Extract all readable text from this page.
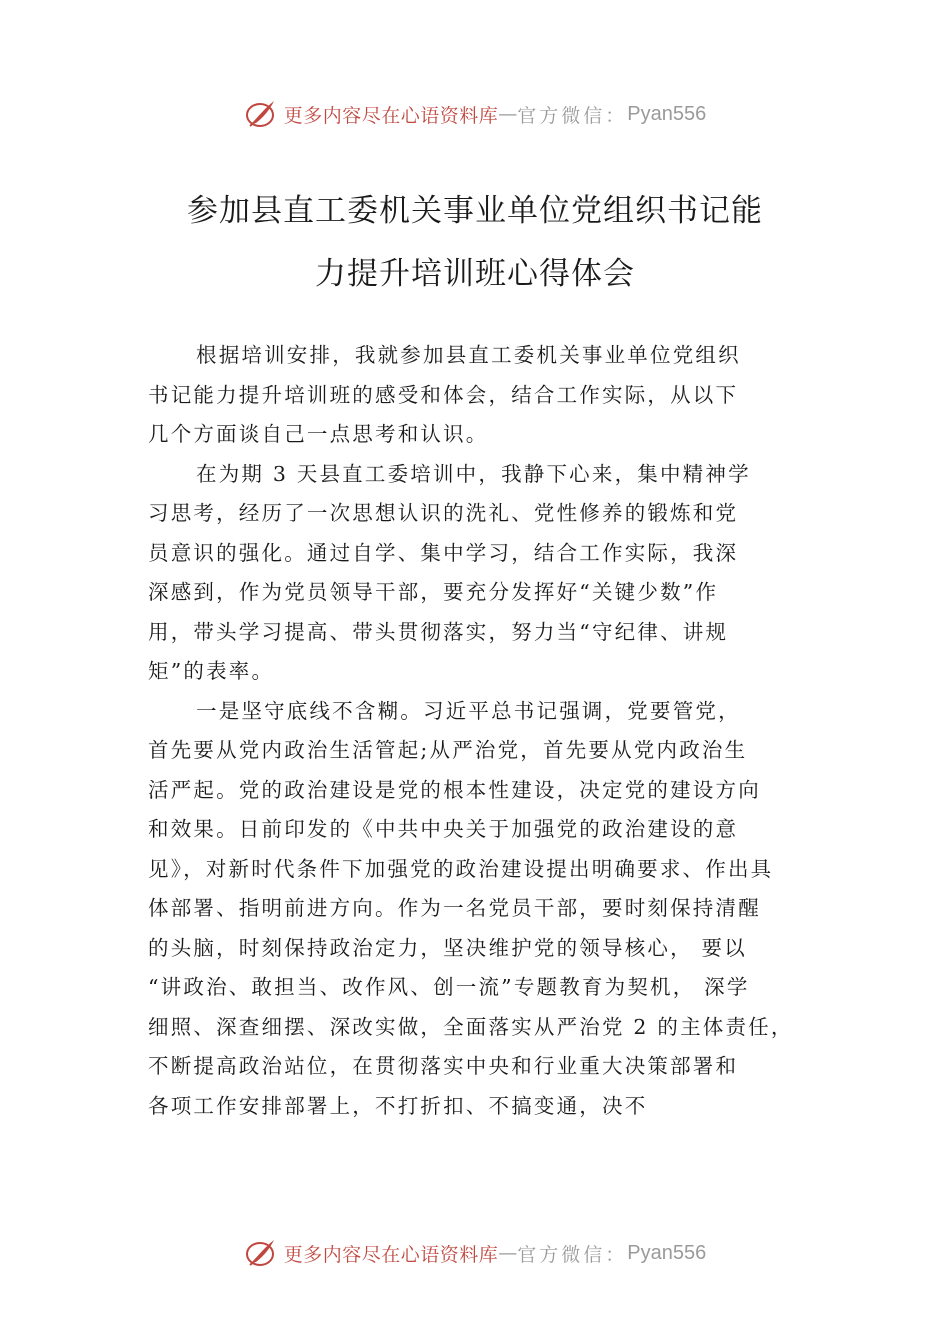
更多内容尽在心语资料库 — 官方微信： Pyan556
参加县直工委机关事业单位党组织书记能
力提升培训班心得体会
根据培训安排，我就参加县直工委机关事业单位党组织
书记能力提升培训班的感受和体会，结合工作实际，从以下
几个方面谈自己一点思考和认识。
在为期 3 天县直工委培训中，我静下心来，集中精神学
习思考，经历了一次思想认识的洗礼、党性修养的锻炼和党
员意识的强化。通过自学、集中学习，结合工作实际，我深
深感到，作为党员领导干部，要充分发挥好“关键少数”作
用，带头学习提高、带头贯彻落实，努力当“守纪律、讲规
矩”的表率。
一是坚守底线不含糊。习近平总书记强调，党要管党，
首先要从党内政治生活管起;从严治党，首先要从党内政治生
活严起。党的政治建设是党的根本性建设，决定党的建设方向
和效果。日前印发的《中共中央关于加强党的政治建设的意
见》，对新时代条件下加强党的政治建设提出明确要求、作出具
体部署、指明前进方向。作为一名党员干部，要时刻保持清醒
的头脑，时刻保持政治定力，坚决维护党的领导核心， 要以
“讲政治、敢担当、改作风、创一流”专题教育为契机， 深学
细照、深查细摆、深改实做，全面落实从严治党 2 的主体责任，
不断提高政治站位，在贯彻落实中央和行业重大决策部署和
各项工作安排部署上，不打折扣、不搞变通，决不
更多内容尽在心语资料库 — 官方微信： Pyan556
